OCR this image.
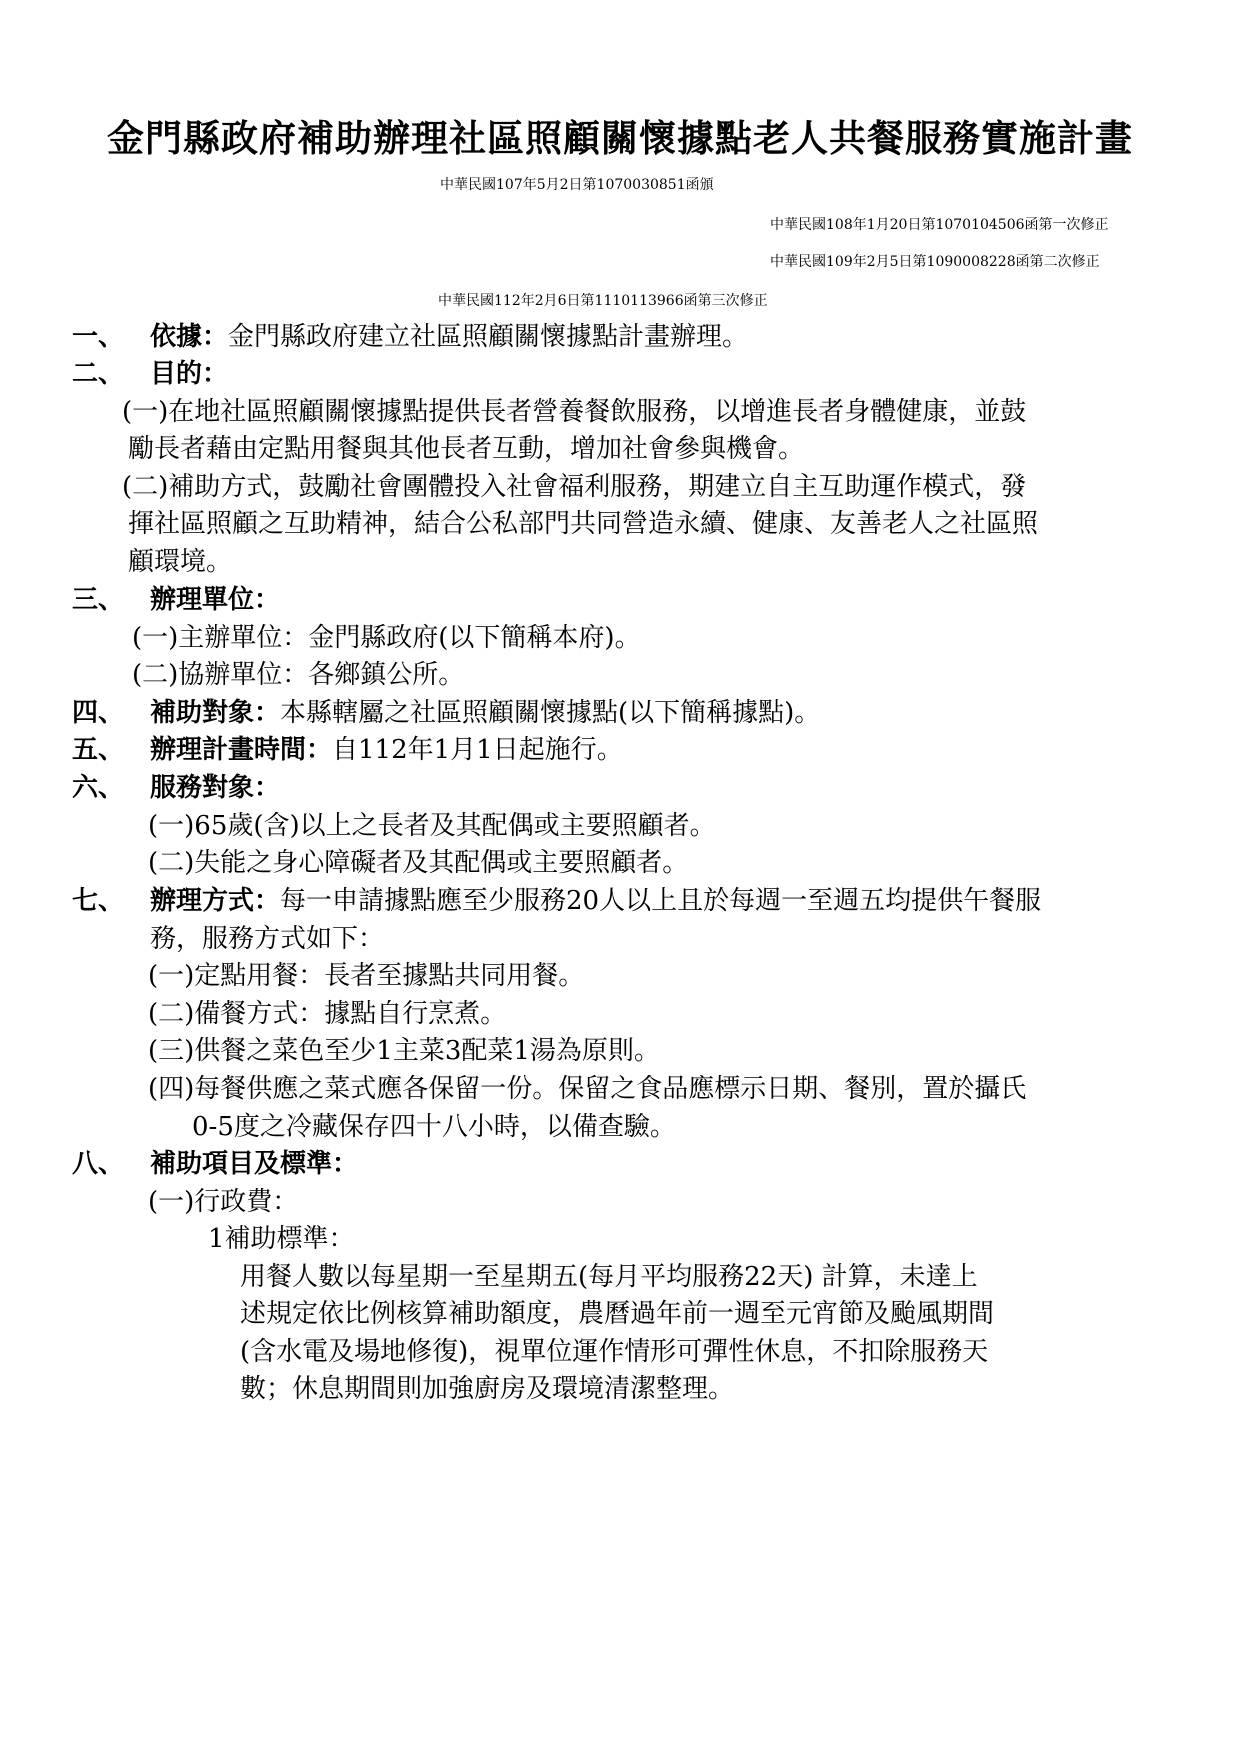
金門縣政府補助辦理社區照顧關懷據點老人共餐服務實施計畫
中華民國107年5月2日第1070030851函頒
中華民國108年1月20日第1070104506函第一次修正
中華民國109年2月5日第1090008228函第二次修正
中華民國112年2月6日第1110113966函第三次修正
一、 依據：金門縣政府建立社區照顧關懷據點計畫辦理。
二、 目的：
(一)在地社區照顧關懷據點提供長者營養餐飲服務，以增進長者身體健康，並鼓
勵長者藉由定點用餐與其他長者互動，增加社會參與機會。
(二)補助方式，鼓勵社會團體投入社會福利服務，期建立自主互助運作模式，發
揮社區照顧之互助精神，結合公私部門共同營造永續、健康、友善老人之社區照
顧環境。
三、 辦理單位：
(一)主辦單位：金門縣政府(以下簡稱本府)。
(二)協辦單位：各鄉鎮公所。
四、 補助對象：本縣轄屬之社區照顧關懷據點(以下簡稱據點)。
五、 辦理計畫時間：自112年1月1日起施行。
六、 服務對象：
(一)65歲(含)以上之長者及其配偶或主要照顧者。
(二)失能之身心障礙者及其配偶或主要照顧者。
七、 辦理方式：每一申請據點應至少服務20人以上且於每週一至週五均提供午餐服
務，服務方式如下：
(一)定點用餐：長者至據點共同用餐。
(二)備餐方式：據點自行烹煮。
(三)供餐之菜色至少1主菜3配菜1湯為原則。
(四)每餐供應之菜式應各保留一份。保留之食品應標示日期、餐別，置於攝氏
0-5度之冷藏保存四十八小時，以備查驗。
八、 補助項目及標準：
(一)行政費：
1補助標準：
用餐人數以每星期一至星期五(每月平均服務22天) 計算，未達上
述規定依比例核算補助額度，農曆過年前一週至元宵節及颱風期間
(含水電及場地修復)，視單位運作情形可彈性休息，不扣除服務天
數；休息期間則加強廚房及環境清潔整理。
